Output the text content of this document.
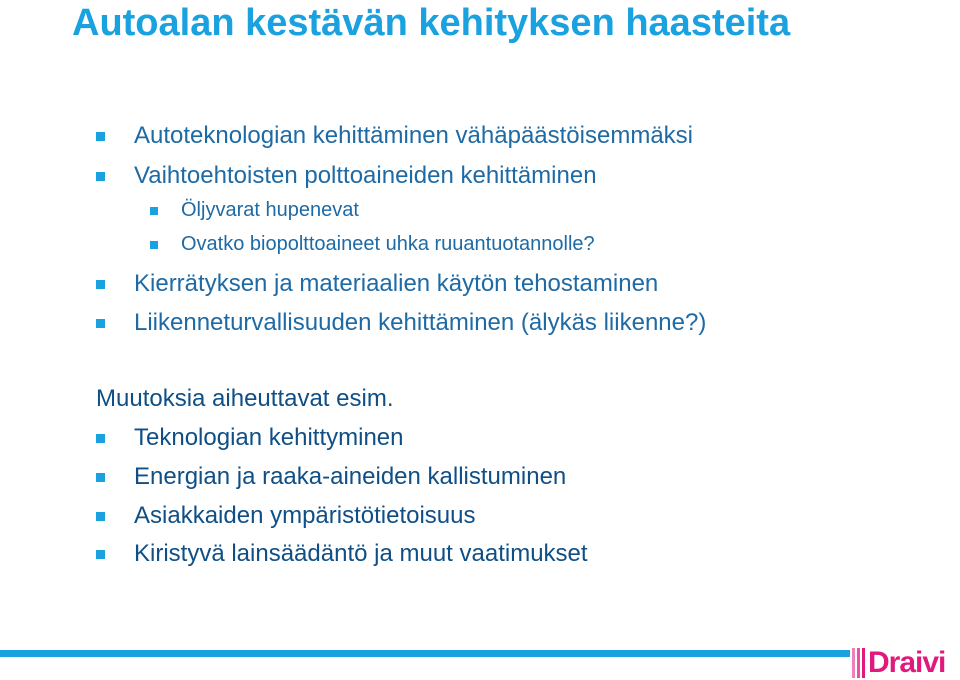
Autoalan kestävän kehityksen haasteita
Autoteknologian kehittäminen vähäpäästöisemmäksi
Vaihtoehtoisten polttoaineiden kehittäminen
Öljyvarat hupenevat
Ovatko biopolttoaineet uhka ruuantuotannolle?
Kierrätyksen ja materiaalien käytön tehostaminen
Liikenneturvallisuuden kehittäminen (älykäs liikenne?)
Muutoksia aiheuttavat esim.
Teknologian kehittyminen
Energian ja raaka-aineiden kallistuminen
Asiakkaiden ympäristötietoisuus
Kiristyvä lainsäädäntö ja muut vaatimukset
Draivi
